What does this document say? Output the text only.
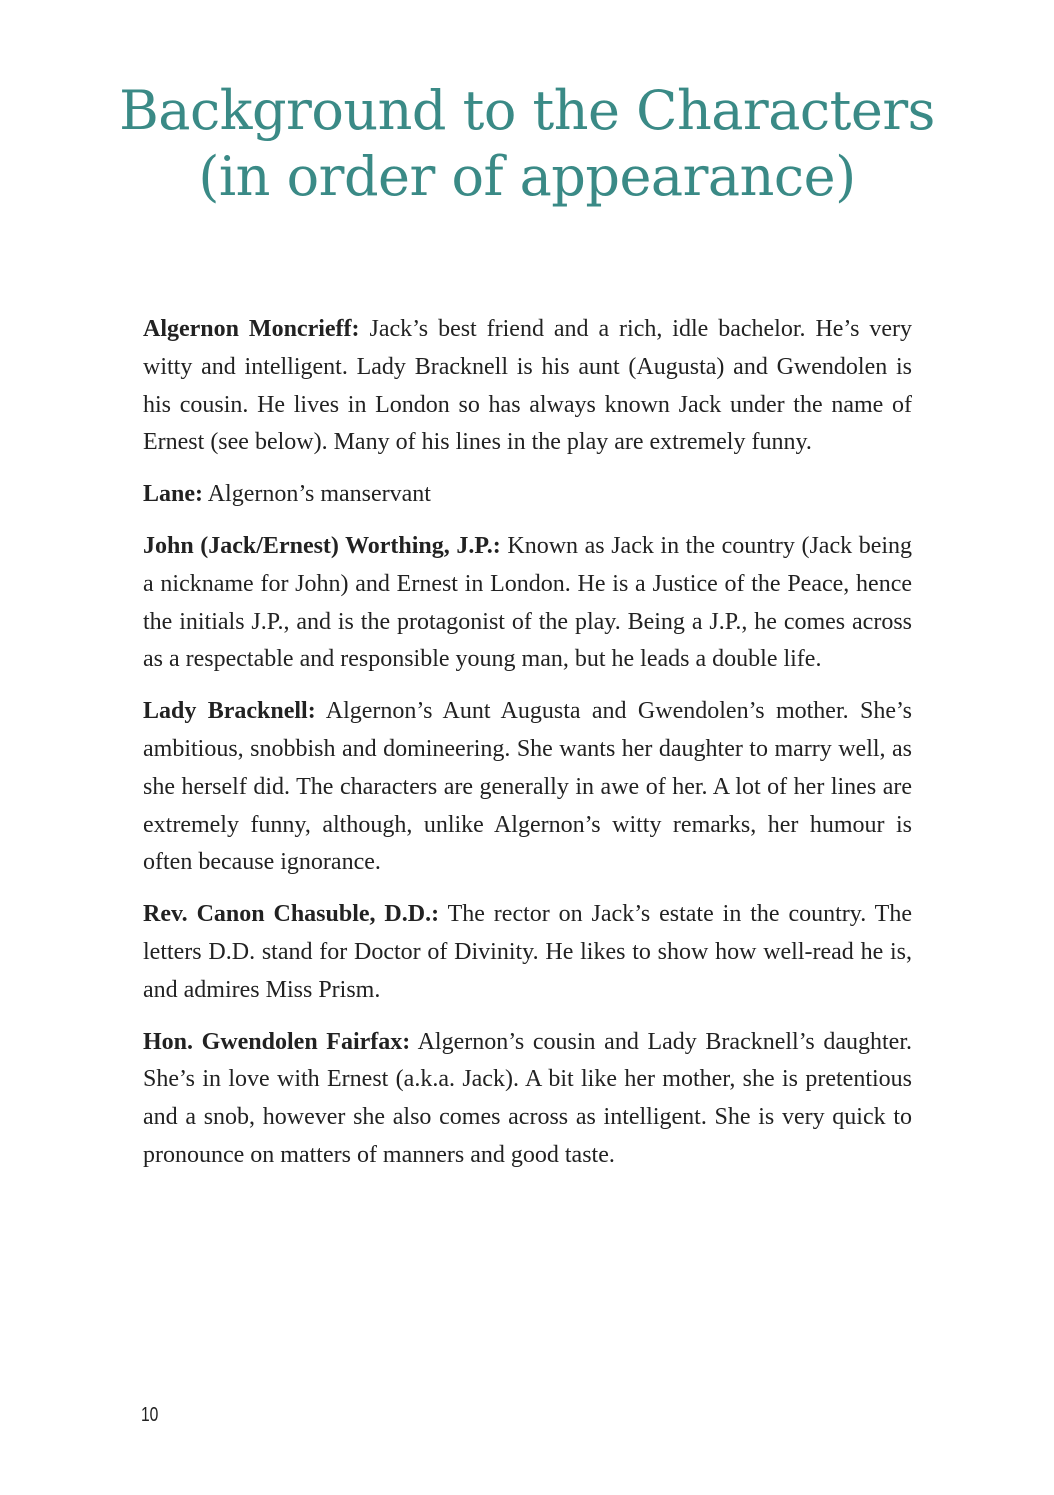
Background to the Characters
(in order of appearance)

Algernon Moncrieff: Jack’s best friend and a rich, idle bachelor. He’s very witty and intelligent. Lady Bracknell is his aunt (Augusta) and Gwendolen is his cousin. He lives in London so has always known Jack under the name of Ernest (see below). Many of his lines in the play are extremely funny.

Lane: Algernon’s manservant

John (Jack/Ernest) Worthing, J.P.: Known as Jack in the country (Jack being a nickname for John) and Ernest in London. He is a Justice of the Peace, hence the initials J.P., and is the protagonist of the play. Being a J.P., he comes across as a respectable and responsible young man, but he leads a double life.

Lady Bracknell: Algernon’s Aunt Augusta and Gwendolen’s mother. She’s ambitious, snobbish and domineering. She wants her daughter to marry well, as she herself did. The characters are generally in awe of her. A lot of her lines are extremely funny, although, unlike Algernon’s witty remarks, her humour is often because ignorance.

Rev. Canon Chasuble, D.D.: The rector on Jack’s estate in the country. The letters D.D. stand for Doctor of Divinity. He likes to show how well-read he is, and admires Miss Prism.

Hon. Gwendolen Fairfax: Algernon’s cousin and Lady Bracknell’s daughter. She’s in love with Ernest (a.k.a. Jack). A bit like her mother, she is pretentious and a snob, however she also comes across as intelligent. She is very quick to pronounce on matters of manners and good taste.

10
